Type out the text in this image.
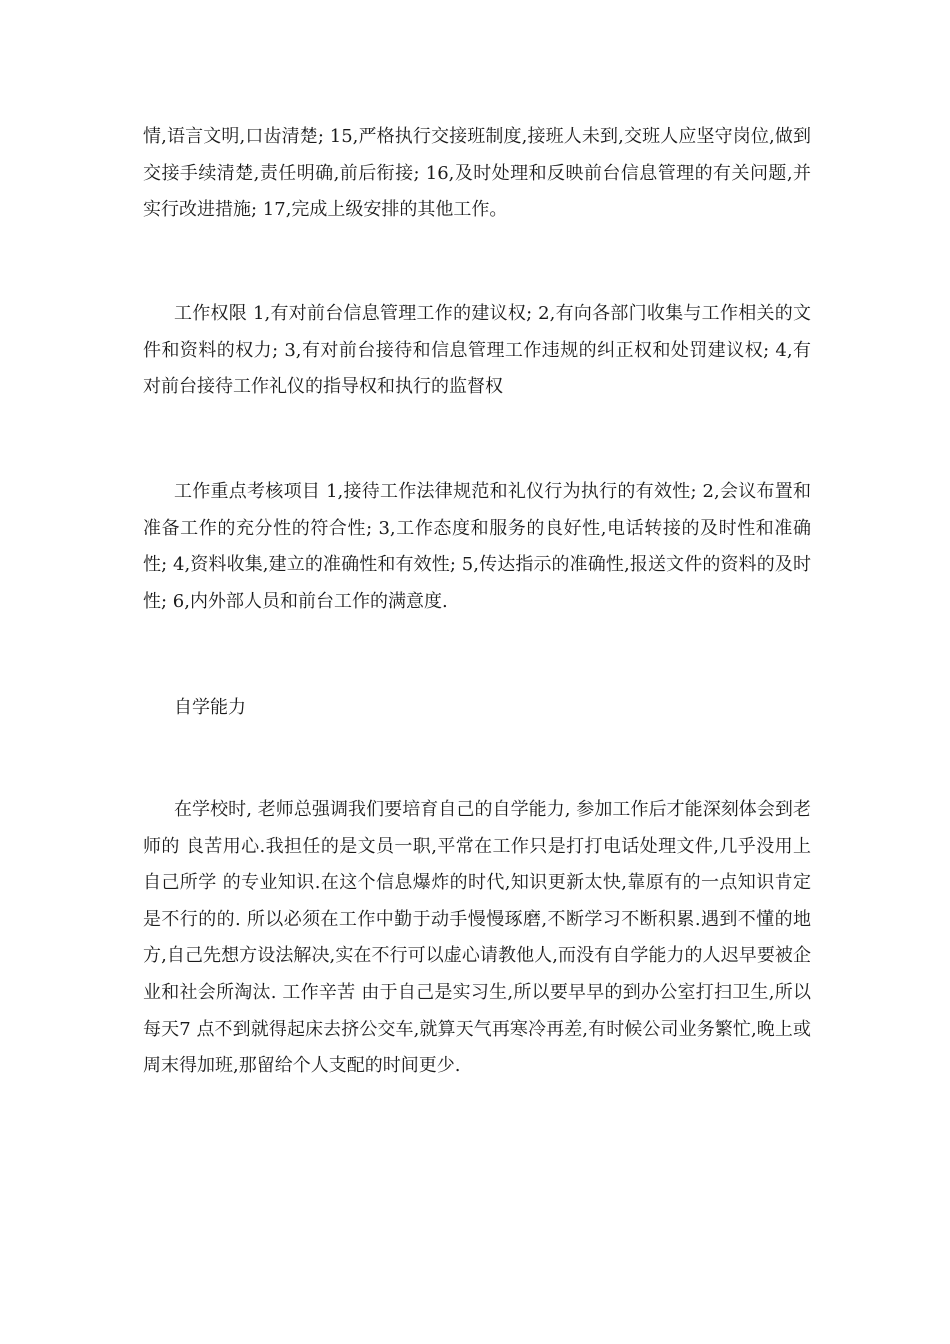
情,语言文明,口齿清楚; 15,严格执行交接班制度,接班人未到,交班人应坚守岗位,做到交接手续清楚,责任明确,前后衔接; 16,及时处理和反映前台信息管理的有关问题,并实行改进措施; 17,完成上级安排的其他工作。

工作权限 1,有对前台信息管理工作的建议权; 2,有向各部门收集与工作相关的文件和资料的权力; 3,有对前台接待和信息管理工作违规的纠正权和处罚建议权; 4,有对前台接待工作礼仪的指导权和执行的监督权

工作重点考核项目 1,接待工作法律规范和礼仪行为执行的有效性; 2,会议布置和准备工作的充分性的符合性; 3,工作态度和服务的良好性,电话转接的及时性和准确性; 4,资料收集,建立的准确性和有效性; 5,传达指示的准确性,报送文件的资料的及时性; 6,内外部人员和前台工作的满意度.

自学能力

在学校时, 老师总强调我们要培育自己的自学能力, 参加工作后才能深刻体会到老师的 良苦用心.我担任的是文员一职,平常在工作只是打打电话处理文件,几乎没用上自己所学 的专业知识.在这个信息爆炸的时代,知识更新太快,靠原有的一点知识肯定是不行的的. 所以必须在工作中勤于动手慢慢琢磨,不断学习不断积累.遇到不懂的地方,自己先想方设法解决,实在不行可以虚心请教他人,而没有自学能力的人迟早要被企业和社会所淘汰. 工作辛苦 由于自己是实习生,所以要早早的到办公室打扫卫生,所以每天7 点不到就得起床去挤公交车,就算天气再寒冷再差,有时候公司业务繁忙,晚上或周末得加班,那留给个人支配的时间更少.
